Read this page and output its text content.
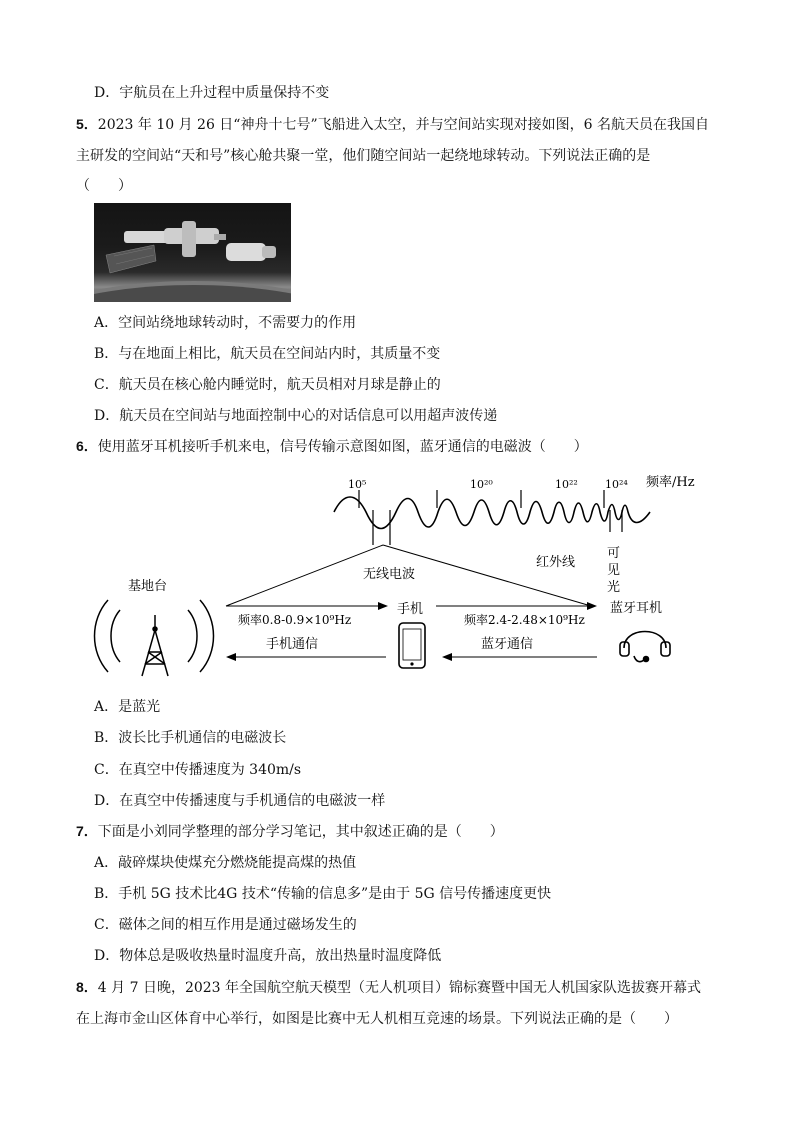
D．宇航员在上升过程中质量保持不变
5．2023 年 10 月 26 日“神舟十七号”飞船进入太空，并与空间站实现对接如图，6 名航天员在我国自
主研发的空间站“天和号”核心舱共聚一堂，他们随空间站一起绕地球转动。下列说法正确的是
（　　）
A．空间站绕地球转动时，不需要力的作用
B．与在地面上相比，航天员在空间站内时，其质量不变
C．航天员在核心舱内睡觉时，航天员相对月球是静止的
D．航天员在空间站与地面控制中心的对话信息可以用超声波传递
6．使用蓝牙耳机接听手机来电，信号传输示意图如图，蓝牙通信的电磁波（　　）
10⁵	10²⁰	10²² 10²⁴ 频率/Hz
无线电波
红外线
可
见
光
基地台
频率0.8-0.9×10⁹Hz	频率2.4-2.48×10⁹Hz
手机	蓝牙耳机
手机通信	蓝牙通信
A．是蓝光
B．波长比手机通信的电磁波长
C．在真空中传播速度为 340m/s
D．在真空中传播速度与手机通信的电磁波一样
7．下面是小刘同学整理的部分学习笔记，其中叙述正确的是（　　）
A．敲碎煤块使煤充分燃烧能提高煤的热值
B．手机 5G 技术比4G 技术“传输的信息多”是由于 5G 信号传播速度更快
C．磁体之间的相互作用是通过磁场发生的
D．物体总是吸收热量时温度升高，放出热量时温度降低
8．4 月 7 日晚，2023 年全国航空航天模型（无人机项目）锦标赛暨中国无人机国家队选拔赛开幕式
在上海市金山区体育中心举行，如图是比赛中无人机相互竞速的场景。下列说法正确的是（　　）
